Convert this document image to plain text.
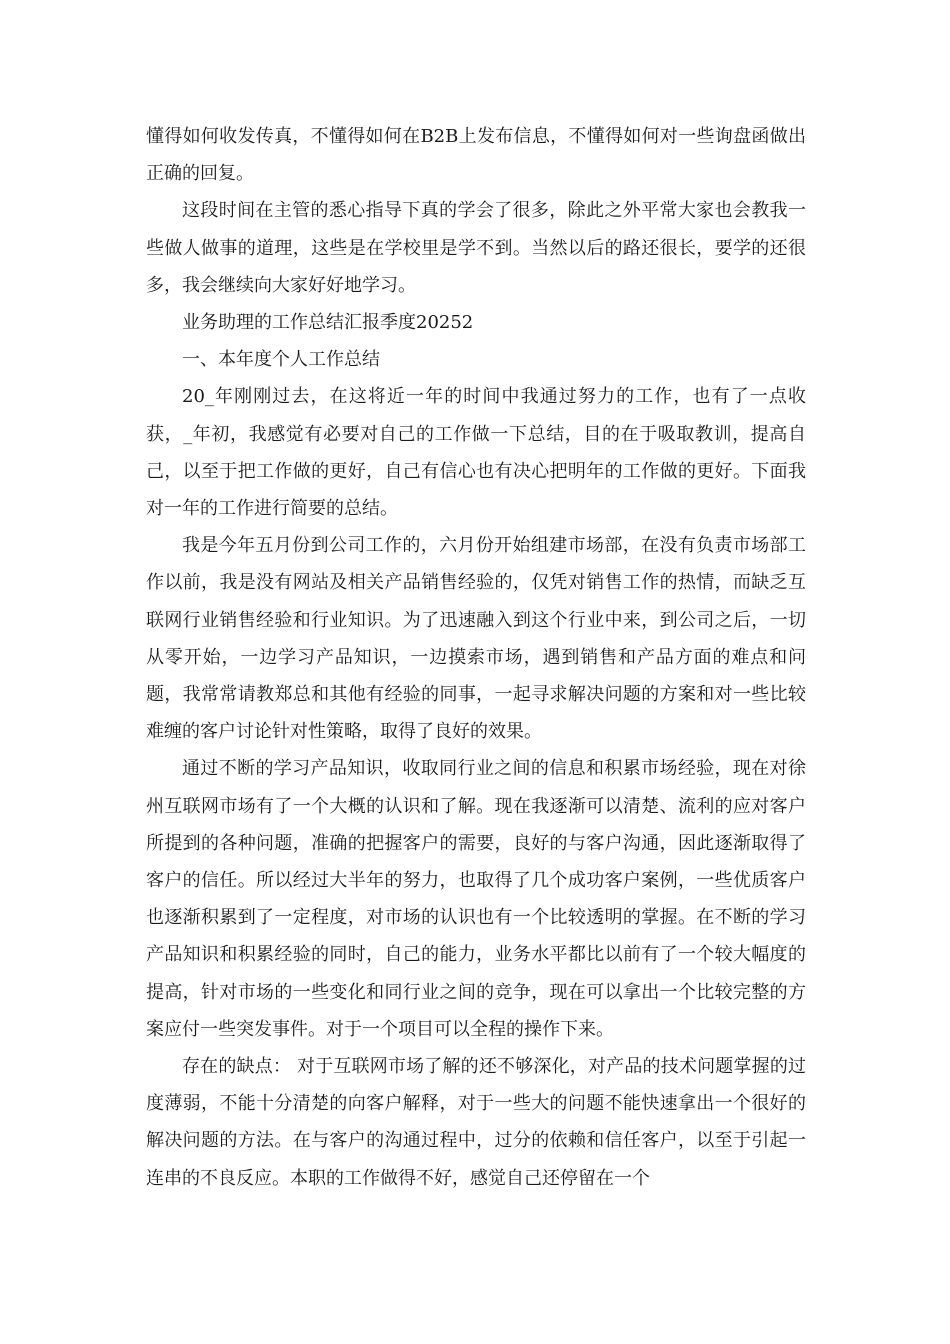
懂得如何收发传真，不懂得如何在B2B上发布信息，不懂得如何对一些询盘函做出正确的回复。

这段时间在主管的悉心指导下真的学会了很多，除此之外平常大家也会教我一些做人做事的道理，这些是在学校里是学不到。当然以后的路还很长，要学的还很多，我会继续向大家好好地学习。

业务助理的工作总结汇报季度20252

一、本年度个人工作总结

20_年刚刚过去，在这将近一年的时间中我通过努力的工作，也有了一点收获，_年初，我感觉有必要对自己的工作做一下总结，目的在于吸取教训，提高自己，以至于把工作做的更好，自己有信心也有决心把明年的工作做的更好。下面我对一年的工作进行简要的总结。

我是今年五月份到公司工作的，六月份开始组建市场部，在没有负责市场部工作以前，我是没有网站及相关产品销售经验的，仅凭对销售工作的热情，而缺乏互联网行业销售经验和行业知识。为了迅速融入到这个行业中来，到公司之后，一切从零开始，一边学习产品知识，一边摸索市场，遇到销售和产品方面的难点和问题，我常常请教郑总和其他有经验的同事，一起寻求解决问题的方案和对一些比较难缠的客户讨论针对性策略，取得了良好的效果。

通过不断的学习产品知识，收取同行业之间的信息和积累市场经验，现在对徐州互联网市场有了一个大概的认识和了解。现在我逐渐可以清楚、流利的应对客户所提到的各种问题，准确的把握客户的需要，良好的与客户沟通，因此逐渐取得了客户的信任。所以经过大半年的努力，也取得了几个成功客户案例，一些优质客户也逐渐积累到了一定程度，对市场的认识也有一个比较透明的掌握。在不断的学习产品知识和积累经验的同时，自己的能力，业务水平都比以前有了一个较大幅度的提高，针对市场的一些变化和同行业之间的竞争，现在可以拿出一个比较完整的方案应付一些突发事件。对于一个项目可以全程的操作下来。

存在的缺点： 对于互联网市场了解的还不够深化，对产品的技术问题掌握的过度薄弱，不能十分清楚的向客户解释，对于一些大的问题不能快速拿出一个很好的解决问题的方法。在与客户的沟通过程中，过分的依赖和信任客户，以至于引起一连串的不良反应。本职的工作做得不好，感觉自己还停留在一个
